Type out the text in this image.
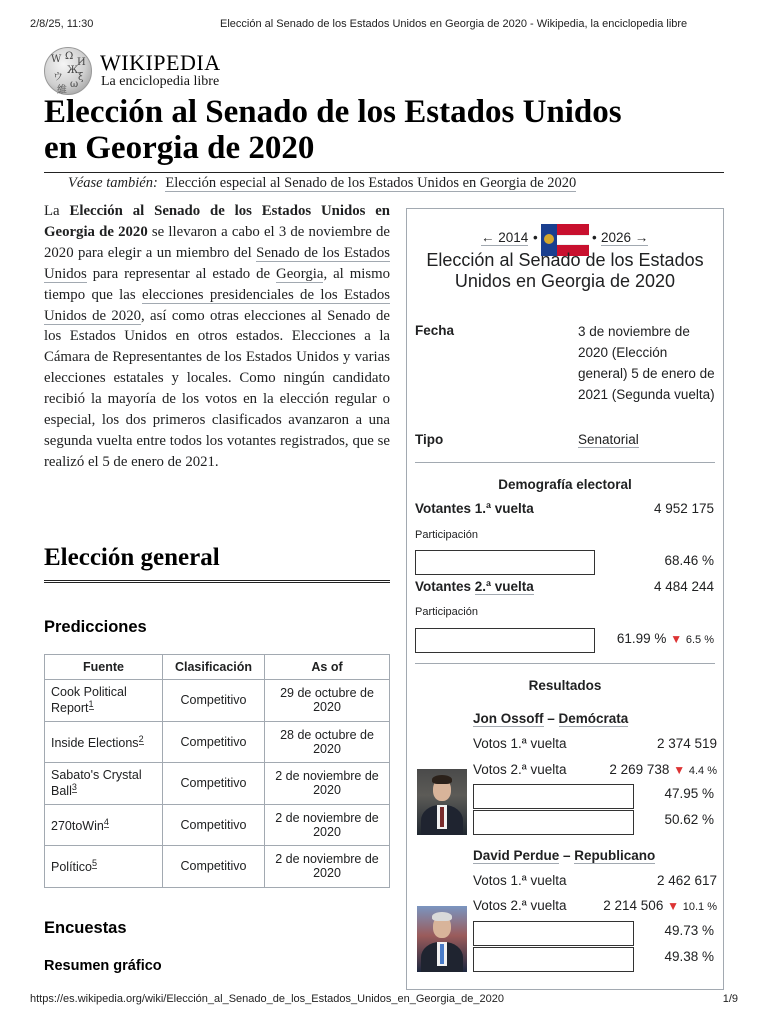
2/8/25, 11:30	Elección al Senado de los Estados Unidos en Georgia de 2020 - Wikipedia, la enciclopedia libre
W Ω
И
ウ
Ж
ξ
維
ω
WIKIPEDIA
La enciclopedia libre
Elección al Senado de los Estados Unidos
en Georgia de 2020
Véase también: Elección especial al Senado de los Estados Unidos en Georgia de 2020

La Elección al Senado de los Estados Unidos en Georgia de 2020 se llevaron a cabo el 3 de noviembre de 2020 para elegir a un miembro del Senado de los Estados Unidos para representar al estado de Georgia, al mismo tiempo que las elecciones presidenciales de los Estados Unidos de 2020, así como otras elecciones al Senado de los Estados Unidos en otros estados. Elecciones a la Cámara de Representantes de los Estados Unidos y varias elecciones estatales y locales. Como ningún candidato recibió la mayoría de los votos en la elección regular o especial, los dos primeros clasificados avanzaron a una segunda vuelta entre todos los votantes registrados, que se realizó el 5 de enero de 2021.

Elección general
Predicciones
Fuente	Clasificación	As of
Cook Political Report$^1$	Competitivo	29 de octubre de 2020
Inside Elections$^2$	Competitivo	28 de octubre de 2020
Sabato's Crystal Ball$^3$	Competitivo	2 de noviembre de 2020
270toWin$^4$	Competitivo	2 de noviembre de 2020
Político$^5$	Competitivo	2 de noviembre de 2020
Encuestas
Resumen gráfico
← 2014 •	• 2026 →
Elección al Senado de los Estados Unidos en Georgia de 2020
Fecha	3 de noviembre de 2020 (Elección general) 5 de enero de 2021 (Segunda vuelta)
Tipo	Senatorial
Demografía electoral
Votantes 1.ª vuelta	4 952 175
Participación
68.46 %
Votantes 2.ª vuelta	4 484 244
Participación
61.99 % ▼ 6.5 %
Resultados
Jon Ossoff – Demócrata
Votos 1.ª vuelta	2 374 519
Votos 2.ª vuelta	2 269 738 ▼ 4.4 %
47.95 %
50.62 %
David Perdue – Republicano
Votos 1.ª vuelta	2 462 617
Votos 2.ª vuelta	2 214 506 ▼ 10.1 %
49.73 %
49.38 %
https://es.wikipedia.org/wiki/Elección_al_Senado_de_los_Estados_Unidos_en_Georgia_de_2020	1/9
